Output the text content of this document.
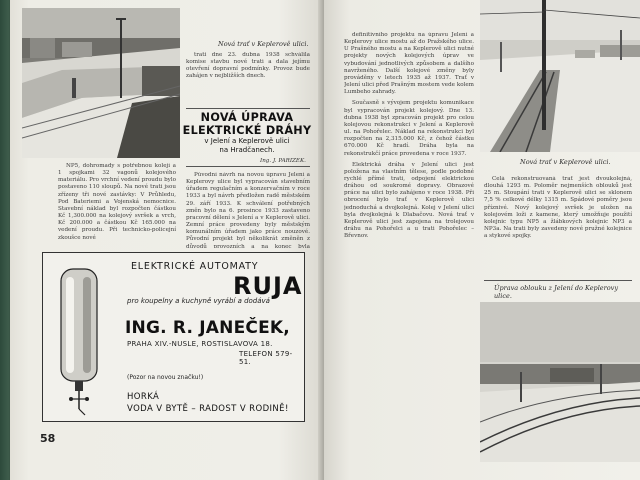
Nová trať v Keplerově ulici.

NP5, dohromady s potřebnou kolejí a 1 spojkami 32 vagonů kolejového materiálu. Pro vrchní vedení proudu bylo postaveno 110 sloupů. Na nové trati jsou zřízeny tři nové zastávky: V Průhledu, Pod Bateriemi a Vojenská nemocnice. Stavební náklad byl rozpočten částkou Kč 1,300.000 na kolejový svršek a vrch, Kč 200.000 a částkou Kč 165.000 na vedení proudu. Při technicko-policejní zkoušce nové

trati dne 23. dubna 1938 schválila komise stavbu nové trati a dala jejímu otevření dopravní podmínky. Provoz bude zahájen v nejbližších dnech.

NOVÁ ÚPRAVA
ELEKTRICKÉ DRÁHY
v Jelení a Keplerově ulici
na Hradčanech.
Ing. J. PARIZEK.

Původní návrh na novou úpravu Jelení a Keplerovy ulice byl vypracován stavebním úřadem regulačním a konzervačním v roce 1933 a byl návrh předložen radě městském 29. září 1933. K schválení potřebných změn bylo na 6. prosince 1933 zastaveno pracovní dělení s Jelení a v Keplerově ulici. Zemní práce provedeny byly městským komunálním úřadem jako práce nouzové. Původní projekt byl několikrát změněn z důvodů provozních a na konec byla

ELEKTRICKÉ AUTOMATY
RUJA
pro koupelny a kuchyně vyrábí a dodává
ING. R. JANEČEK,
PRAHA XIV.-NUSLE, ROSTISLAVOVA 18.
TELEFON 579-51.
(Pozor na novou značku!)
HORKÁ
VODA V BYTĚ – RADOST V RODINĚ!
58

definitivního projektu na úpravu Jelení a Keplerovy ulice mostu až do Pražského ulice. U Prašného mostu a na Keplerově ulici nutné projekty nových kolejových úprav ve vybudování jednotlivých způsobem a dalšího navrženého. Další kolejové změny byly prováděny v letech 1935 až 1937. Trať v Jelení ulici před Prašným mostem vede kolem Lumbeho zahrady.

Současně s vývojem projektu komunikace byl vypracován projekt kolejový. Dne 13. dubna 1938 byl zpracován projekt pro celou kolejovou rekonstrukci v Jelení a Keplerově ul. na Pohořelec. Náklad na rekonstrukci byl rozpočten na 2,315.000 Kč, z čehož částku 670.000 Kč hradí. Dráha byla na rekonstrukčí práce provedena v roce 1937.

Elektrická dráha v Jelení ulici jest položena na vlastním tělese, podle podobné rychlé přímé trati, odpojení elektrickou dráhou od soukromé dopravy. Obrazové práce na ulici bylo zahájeno v roce 1938. Při obrocení bylo trať v Keplerově ulici jednoduchá a dvojkolejná. Kolej v Jelení ulici byla dvojkolejná k Dlabačovu. Nová trať v Keplerově ulici jest zapojena na trolejovou dráhu na Pohořelci a u trati Pohořelec – Břevnov.

Nová trať v Keplerově ulici.

Celá rekonstruovaná trať jest dvoukolejná, dlouhá 1293 m. Poloměr nejmenších oblouků jest 25 m. Stoupání trati v Keplerově ulici se sklonem 7,5 % celkové délky 1315 m. Spádové poměry jsou příznivé. Nový kolejový svršek je uložen na kolejovém loži z kamene, který umožňuje použití kolejnic typu NP5 a žlábkových kolejnic NP3 a NP3a. Na trati byly zavedeny nové pružné kolejnice a stykové spojky.

Úprava oblouku z Jelení do Keplerovy ulice.
